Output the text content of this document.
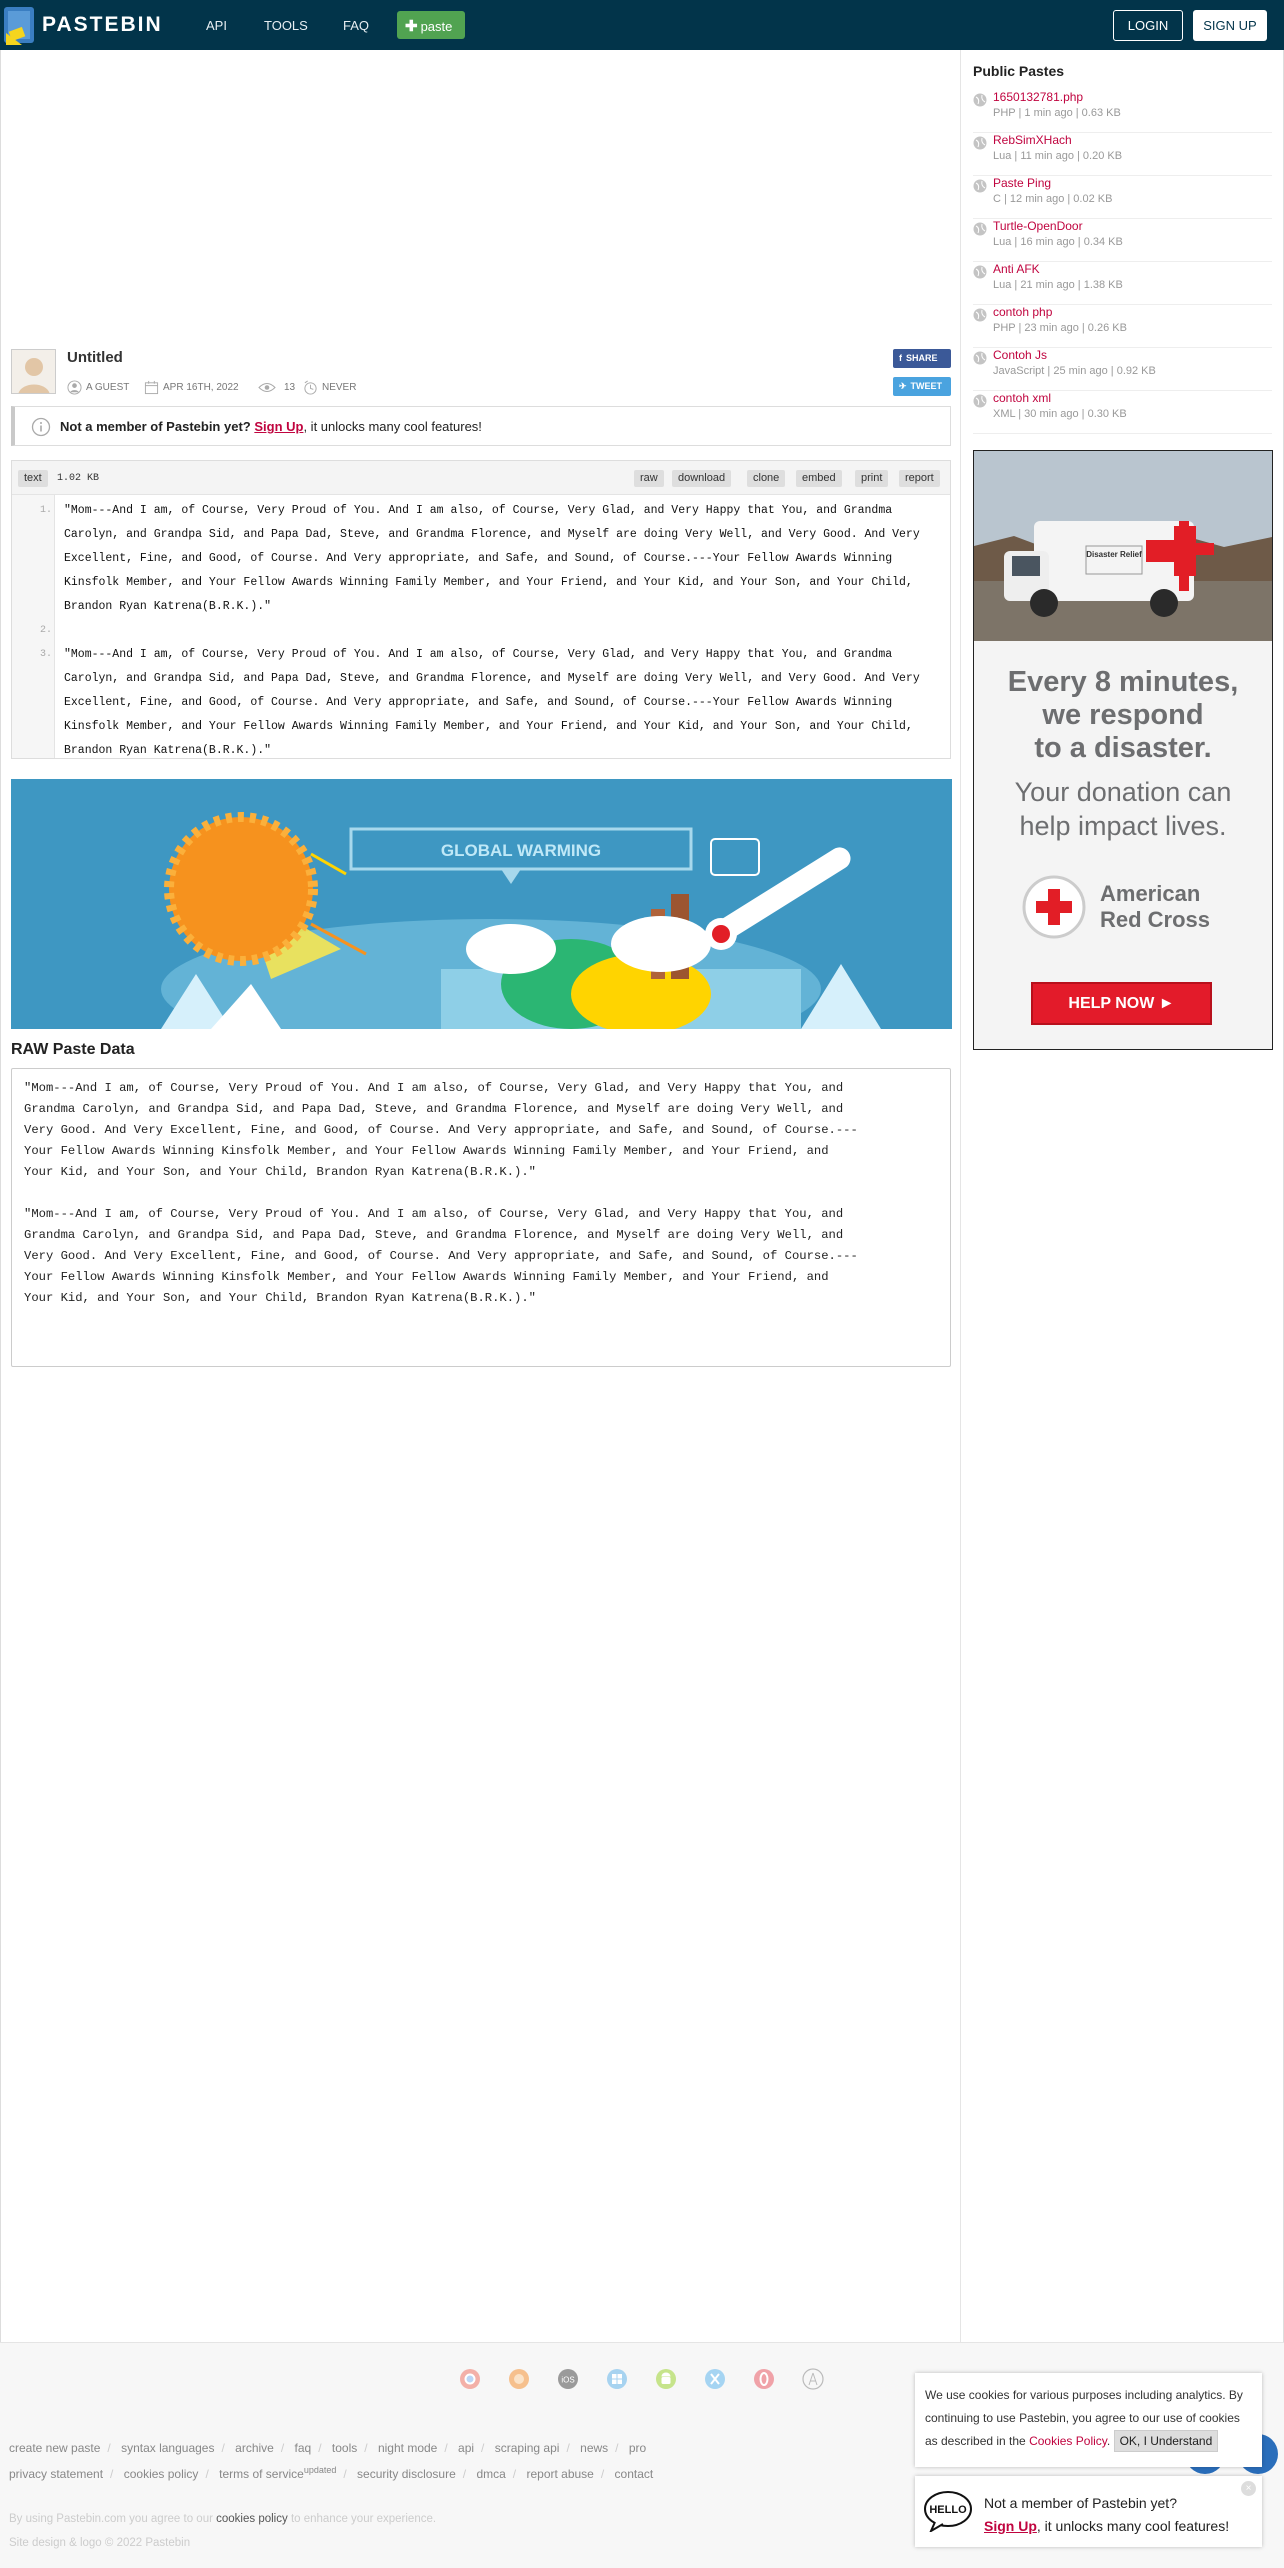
PASTEBIN	API	TOOLS	FAQ	✚ paste	LOGIN	SIGN UP
Untitled
A GUEST	APR 16TH, 2022	13	NEVER
f SHARE
✈ TWEET
Not a member of Pastebin yet? Sign Up, it unlocks many cool features!
text	1.02 KB	raw	download	clone	embed	print	report
1.
2.
3.
"Mom---And I am, of Course, Very Proud of You. And I am also, of Course, Very Glad, and Very Happy that You, and Grandma
Carolyn, and Grandpa Sid, and Papa Dad, Steve, and Grandma Florence, and Myself are doing Very Well, and Very Good. And Very
Excellent, Fine, and Good, of Course. And Very appropriate, and Safe, and Sound, of Course.---Your Fellow Awards Winning
Kinsfolk Member, and Your Fellow Awards Winning Family Member, and Your Friend, and Your Kid, and Your Son, and Your Child,
Brandon Ryan Katrena(B.R.K.)."
"Mom---And I am, of Course, Very Proud of You. And I am also, of Course, Very Glad, and Very Happy that You, and Grandma
Carolyn, and Grandpa Sid, and Papa Dad, Steve, and Grandma Florence, and Myself are doing Very Well, and Very Good. And Very
Excellent, Fine, and Good, of Course. And Very appropriate, and Safe, and Sound, of Course.---Your Fellow Awards Winning
Kinsfolk Member, and Your Fellow Awards Winning Family Member, and Your Friend, and Your Kid, and Your Son, and Your Child,
Brandon Ryan Katrena(B.R.K.)."
GLOBAL WARMING
RAW Paste Data
"Mom---And I am, of Course, Very Proud of You. And I am also, of Course, Very Glad, and Very Happy that You, and
Grandma Carolyn, and Grandpa Sid, and Papa Dad, Steve, and Grandma Florence, and Myself are doing Very Well, and
Very Good. And Very Excellent, Fine, and Good, of Course. And Very appropriate, and Safe, and Sound, of Course.---
Your Fellow Awards Winning Kinsfolk Member, and Your Fellow Awards Winning Family Member, and Your Friend, and
Your Kid, and Your Son, and Your Child, Brandon Ryan Katrena(B.R.K.)."
"Mom---And I am, of Course, Very Proud of You. And I am also, of Course, Very Glad, and Very Happy that You, and
Grandma Carolyn, and Grandpa Sid, and Papa Dad, Steve, and Grandma Florence, and Myself are doing Very Well, and
Very Good. And Very Excellent, Fine, and Good, of Course. And Very appropriate, and Safe, and Sound, of Course.---
Your Fellow Awards Winning Kinsfolk Member, and Your Fellow Awards Winning Family Member, and Your Friend, and
Your Kid, and Your Son, and Your Child, Brandon Ryan Katrena(B.R.K.)."
Public Pastes
1650132781.php
PHP | 1 min ago | 0.63 KB
RebSimXHach
Lua | 11 min ago | 0.20 KB
Paste Ping
C | 12 min ago | 0.02 KB
Turtle-OpenDoor
Lua | 16 min ago | 0.34 KB
Anti AFK
Lua | 21 min ago | 1.38 KB
contoh php
PHP | 23 min ago | 0.26 KB
Contoh Js
JavaScript | 25 min ago | 0.92 KB
contoh xml
XML | 30 min ago | 0.30 KB
Disaster Relief
Every 8 minutes,
we respond
to a disaster.
Your donation can
help impact lives.
American
Red Cross
HELP NOW ►
iOS
create new paste / syntax languages / archive / faq / tools / night mode / api / scraping api / news / pro
privacy statement / cookies policy / terms of service$^{updated}$ / security disclosure / dmca / report abuse / contact
By using Pastebin.com you agree to our cookies policy to enhance your experience.
Site design & logo © 2022 Pastebin
We use cookies for various purposes including analytics. By
continuing to use Pastebin, you agree to our use of cookies
as described in the Cookies Policy. OK, I Understand
HELLO Not a member of Pastebin yet?
Sign Up, it unlocks many cool features!
×
